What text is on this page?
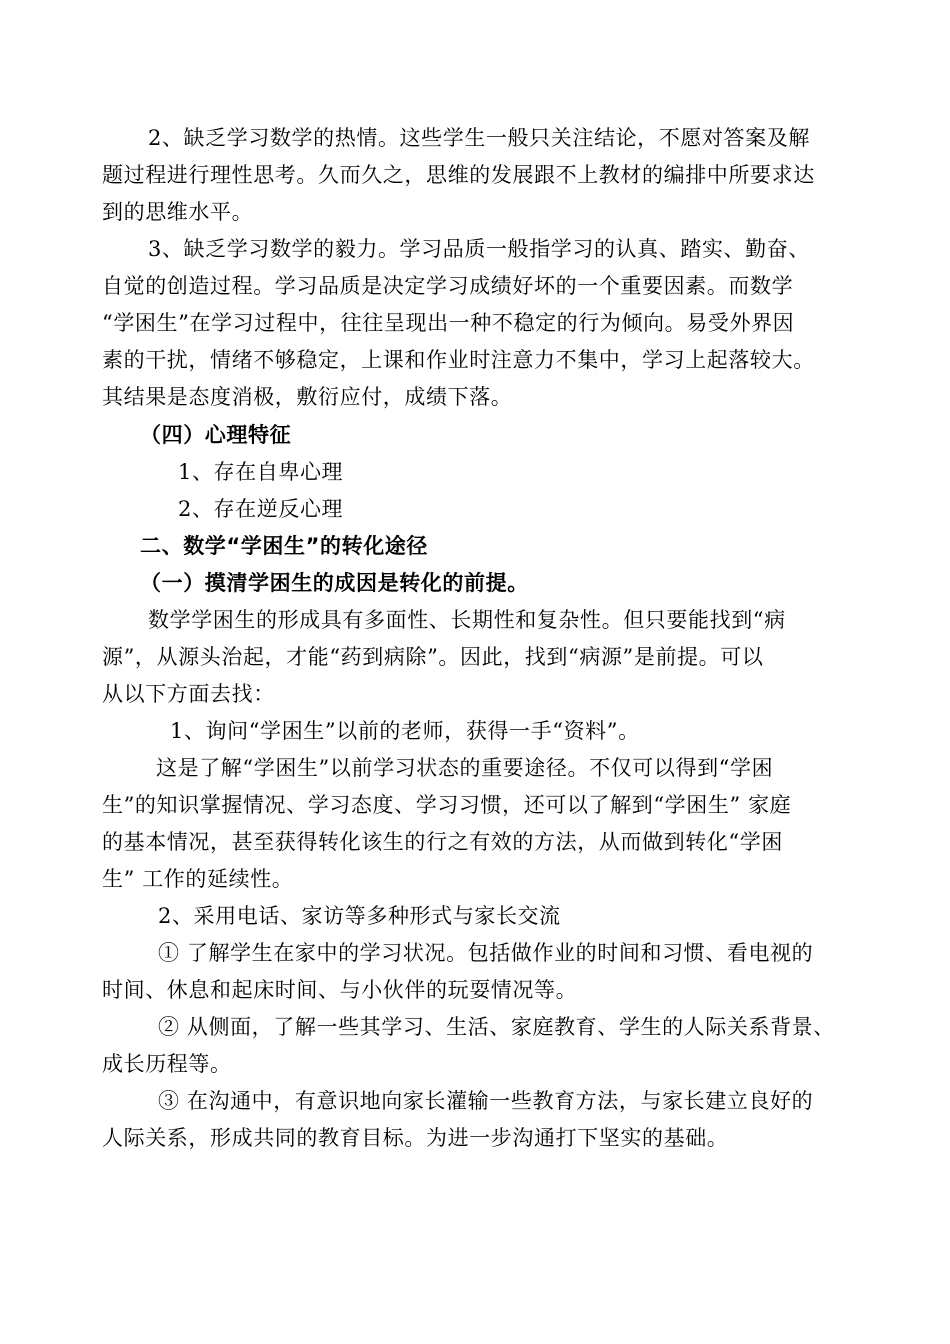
2、缺乏学习数学的热情。这些学生一般只关注结论，不愿对答案及解
题过程进行理性思考。久而久之，思维的发展跟不上教材的编排中所要求达
到的思维水平。
3、缺乏学习数学的毅力。学习品质一般指学习的认真、踏实、勤奋、
自觉的创造过程。学习品质是决定学习成绩好坏的一个重要因素。而数学
“学困生”在学习过程中，往往呈现出一种不稳定的行为倾向。易受外界因
素的干扰，情绪不够稳定，上课和作业时注意力不集中，学习上起落较大。
其结果是态度消极，敷衍应付，成绩下落。
（四）心理特征
1、存在自卑心理
2、存在逆反心理
二、数学“学困生”的转化途径
（一）摸清学困生的成因是转化的前提。
数学学困生的形成具有多面性、长期性和复杂性。但只要能找到“病
源”，从源头治起，才能“药到病除”。因此，找到“病源”是前提。可以
从以下方面去找：
1、询问“学困生”以前的老师，获得一手“资料”。
这是了解“学困生”以前学习状态的重要途径。不仅可以得到“学困
生”的知识掌握情况、学习态度、学习习惯，还可以了解到“学困生” 家庭
的基本情况，甚至获得转化该生的行之有效的方法，从而做到转化“学困
生” 工作的延续性。
2、采用电话、家访等多种形式与家长交流
① 了解学生在家中的学习状况。包括做作业的时间和习惯、看电视的
时间、休息和起床时间、与小伙伴的玩耍情况等。
② 从侧面，了解一些其学习、生活、家庭教育、学生的人际关系背景、
成长历程等。
③ 在沟通中，有意识地向家长灌输一些教育方法，与家长建立良好的
人际关系，形成共同的教育目标。为进一步沟通打下坚实的基础。
